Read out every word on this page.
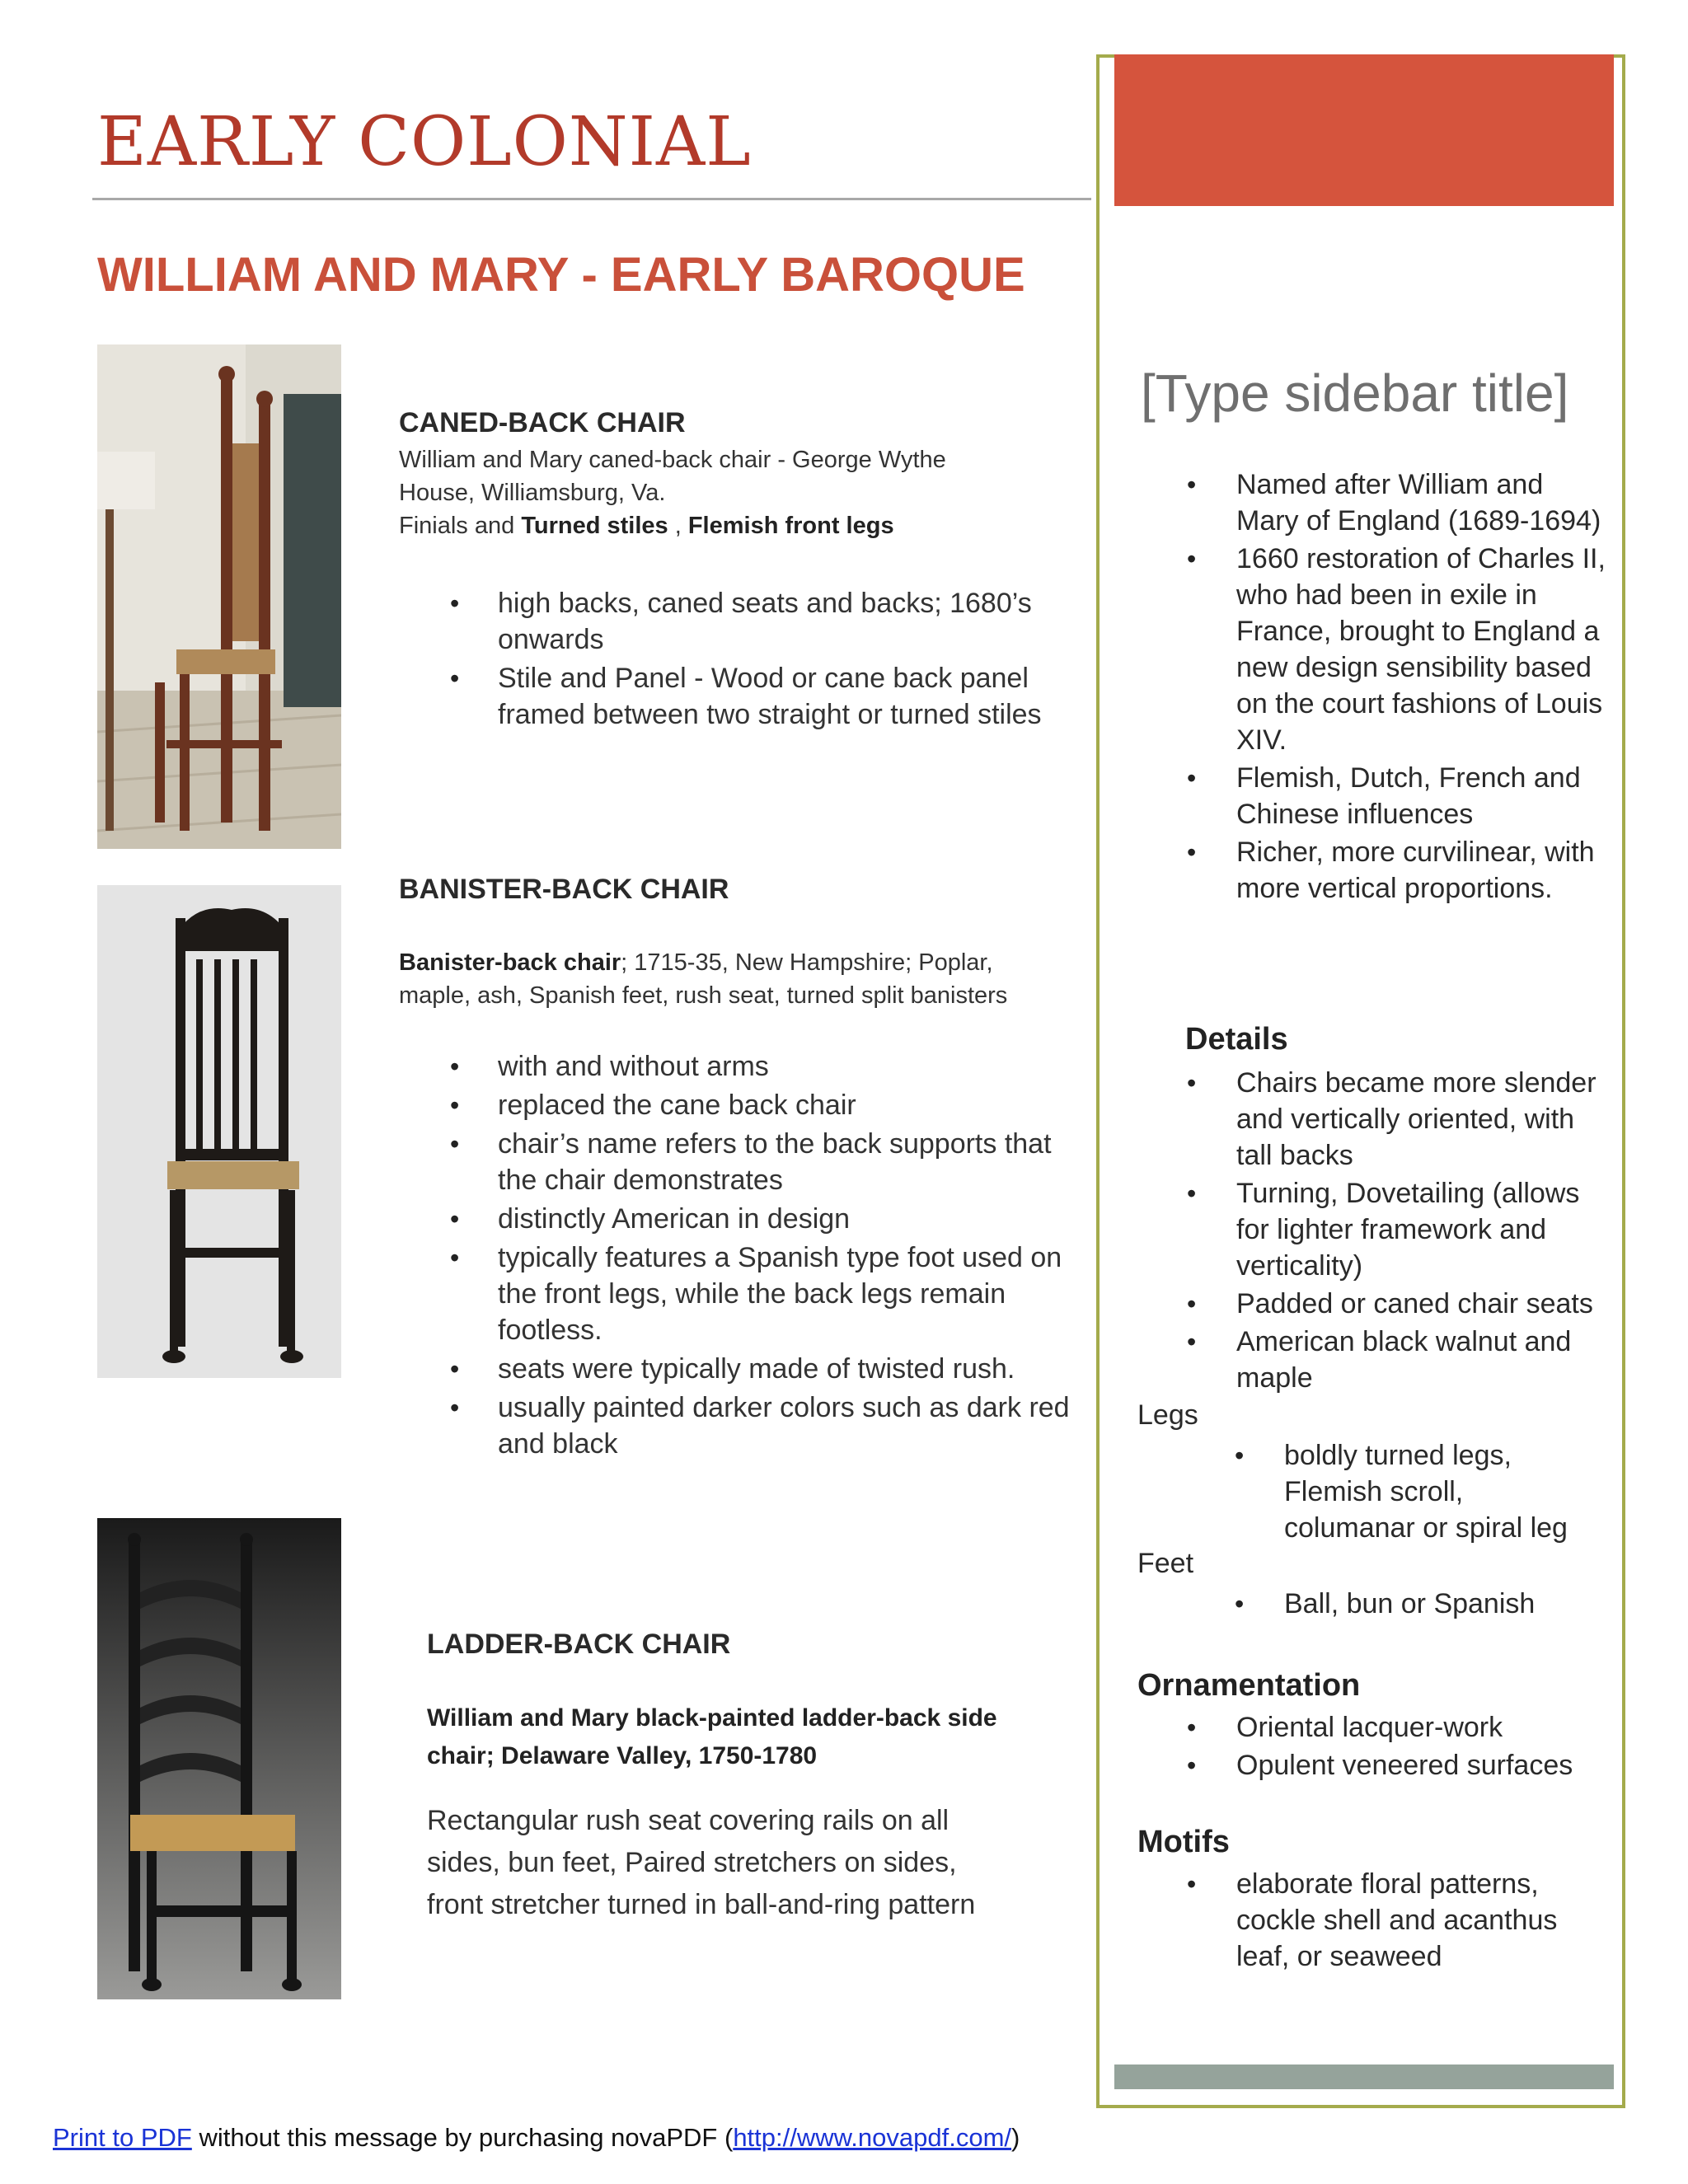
EARLY COLONIAL
WILLIAM AND MARY - EARLY BAROQUE
CANED-BACK CHAIR
William and Mary caned-back chair - George Wythe House, Williamsburg, Va.
Finials and Turned stiles , Flemish front legs
• high backs, caned seats and backs; 1680’s onwards
• Stile and Panel - Wood or cane back panel framed between two straight or turned stiles
BANISTER-BACK CHAIR
Banister-back chair; 1715-35, New Hampshire; Poplar, maple, ash, Spanish feet, rush seat, turned split banisters
• with and without arms
• replaced the cane back chair
• chair’s name refers to the back supports that the chair demonstrates
• distinctly American in design
• typically features a Spanish type foot used on the front legs, while the back legs remain footless.
• seats were typically made of twisted rush.
• usually painted darker colors such as dark red and black
LADDER-BACK CHAIR
William and Mary black-painted ladder-back side chair; Delaware Valley, 1750-1780
Rectangular rush seat covering rails on all sides, bun feet, Paired stretchers on sides, front stretcher turned in ball-and-ring pattern
[Type sidebar title]
• Named after William and Mary of England (1689-1694)
• 1660 restoration of Charles II, who had been in exile in France, brought to England a new design sensibility based on the court fashions of Louis XIV.
• Flemish, Dutch, French and Chinese influences
• Richer, more curvilinear, with more vertical proportions.
Details
• Chairs became more slender and vertically oriented, with tall backs
• Turning, Dovetailing (allows for lighter framework and verticality)
• Padded or caned chair seats
• American black walnut and maple
Legs
• boldly turned legs, Flemish scroll, columanar or spiral leg
Feet
• Ball, bun or Spanish
Ornamentation
• Oriental lacquer-work
• Opulent veneered surfaces
Motifs
• elaborate floral patterns, cockle shell and acanthus leaf, or seaweed
Print to PDF without this message by purchasing novaPDF (http://www.novapdf.com/)
